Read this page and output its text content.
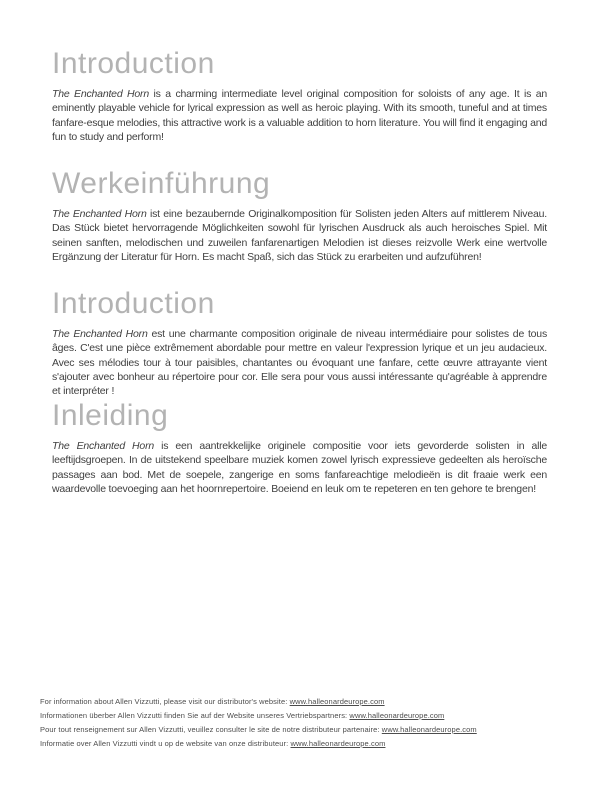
Introduction

The Enchanted Horn is a charming intermediate level original composition for soloists of any age. It is an eminently playable vehicle for lyrical expression as well as heroic playing. With its smooth, tuneful and at times fanfare-esque melodies, this attractive work is a valuable addition to horn literature. You will find it engaging and fun to study and perform!

Werkeinführung

The Enchanted Horn ist eine bezaubernde Originalkomposition für Solisten jeden Alters auf mittlerem Niveau. Das Stück bietet hervorragende Möglichkeiten sowohl für lyrischen Ausdruck als auch heroisches Spiel. Mit seinen sanften, melodischen und zuweilen fanfarenartigen Melodien ist dieses reizvolle Werk eine wertvolle Ergänzung der Literatur für Horn. Es macht Spaß, sich das Stück zu erarbeiten und aufzuführen!

Introduction

The Enchanted Horn est une charmante composition originale de niveau intermédiaire pour solistes de tous âges. C'est une pièce extrêmement abordable pour mettre en valeur l'expression lyrique et un jeu audacieux. Avec ses mélodies tour à tour paisibles, chantantes ou évoquant une fanfare, cette œuvre attrayante vient s'ajouter avec bonheur au répertoire pour cor. Elle sera pour vous aussi intéressante qu'agréable à apprendre et interpréter !

Inleiding

The Enchanted Horn is een aantrekkelijke originele compositie voor iets gevorderde solisten in alle leeftijdsgroepen. In de uitstekend speelbare muziek komen zowel lyrisch expressieve gedeelten als heroïsche passages aan bod. Met de soepele, zangerige en soms fanfareachtige melodieën is dit fraaie werk een waardevolle toevoeging aan het hoornrepertoire. Boeiend en leuk om te repeteren en ten gehore te brengen!

For information about Allen Vizzutti, please visit our distributor's website: www.halleonardeurope.com
Informationen überber Allen Vizzutti finden Sie auf der Website unseres Vertriebspartners: www.halleonardeurope.com
Pour tout renseignement sur Allen Vizzutti, veuillez consulter le site de notre distributeur partenaire: www.halleonardeurope.com
Informatie over Allen Vizzutti vindt u op de website van onze distributeur: www.halleonardeurope.com
